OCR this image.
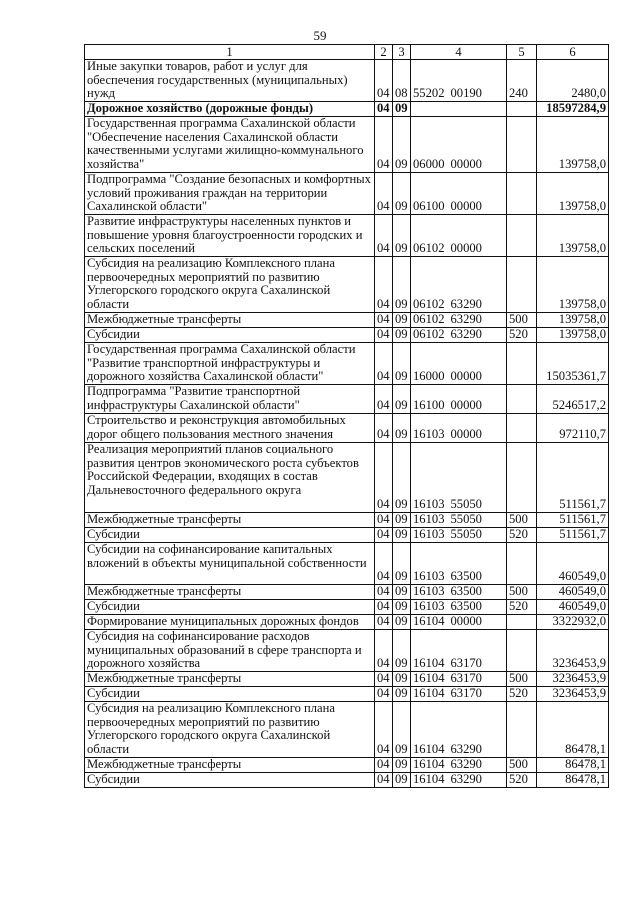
59
1	2	3	4	5	6
Иные закупки товаров, работ и услуг для обеспечения государственных (муниципальных) нужд	04	08	55202 00190	240	2480,0
Дорожное хозяйство (дорожные фонды)	04	09			18597284,9
Государственная программа Сахалинской области "Обеспечение населения Сахалинской области качественными услугами жилищно-коммунального хозяйства"	04	09	06000 00000		139758,0
Подпрограмма "Создание безопасных и комфортных условий проживания граждан на территории Сахалинской области"	04	09	06100 00000		139758,0
Развитие инфраструктуры населенных пунктов и повышение уровня благоустроенности городских и сельских поселений	04	09	06102 00000		139758,0
Субсидия на реализацию Комплексного плана первоочередных мероприятий по развитию Углегорского городского округа Сахалинской области	04	09	06102 63290		139758,0
Межбюджетные трансферты	04	09	06102 63290	500	139758,0
Субсидии	04	09	06102 63290	520	139758,0
Государственная программа Сахалинской области "Развитие транспортной инфраструктуры и дорожного хозяйства Сахалинской области"	04	09	16000 00000		15035361,7
Подпрограмма "Развитие транспортной инфраструктуры Сахалинской области"	04	09	16100 00000		5246517,2
Строительство и реконструкция автомобильных дорог общего пользования местного значения	04	09	16103 00000		972110,7
Реализация мероприятий планов социального развития центров экономического роста субъектов Российской Федерации, входящих в состав Дальневосточного федерального округа	04	09	16103 55050		511561,7
Межбюджетные трансферты	04	09	16103 55050	500	511561,7
Субсидии	04	09	16103 55050	520	511561,7
Субсидии на софинансирование капитальных вложений в объекты муниципальной собственности	04	09	16103 63500		460549,0
Межбюджетные трансферты	04	09	16103 63500	500	460549,0
Субсидии	04	09	16103 63500	520	460549,0
Формирование муниципальных дорожных фондов	04	09	16104 00000		3322932,0
Субсидия на софинансирование расходов муниципальных образований в сфере транспорта и дорожного хозяйства	04	09	16104 63170		3236453,9
Межбюджетные трансферты	04	09	16104 63170	500	3236453,9
Субсидии	04	09	16104 63170	520	3236453,9
Субсидия на реализацию Комплексного плана первоочередных мероприятий по развитию Углегорского городского округа Сахалинской области	04	09	16104 63290		86478,1
Межбюджетные трансферты	04	09	16104 63290	500	86478,1
Субсидии	04	09	16104 63290	520	86478,1
